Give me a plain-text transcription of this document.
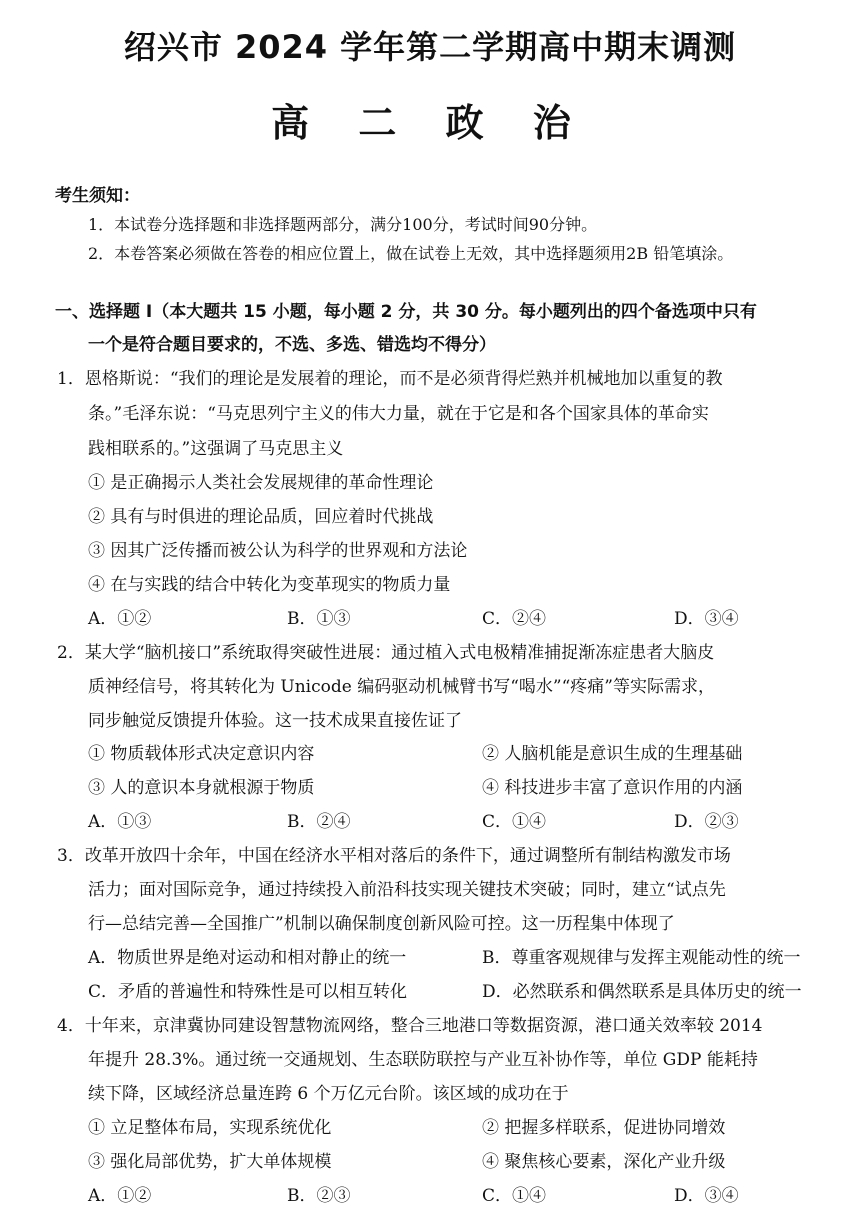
绍兴市 2024 学年第二学期高中期末调测
高 二 政 治
考生须知：
1．本试卷分选择题和非选择题两部分，满分100分，考试时间90分钟。
2．本卷答案必须做在答卷的相应位置上，做在试卷上无效，其中选择题须用2B 铅笔填涂。
一、选择题 I（本大题共 15 小题，每小题 2 分，共 30 分。每小题列出的四个备选项中只有
一个是符合题目要求的，不选、多选、错选均不得分）
1．恩格斯说：“我们的理论是发展着的理论，而不是必须背得烂熟并机械地加以重复的教
条。”毛泽东说：“马克思列宁主义的伟大力量，就在于它是和各个国家具体的革命实
践相联系的。”这强调了马克思主义
① 是正确揭示人类社会发展规律的革命性理论
② 具有与时俱进的理论品质，回应着时代挑战
③ 因其广泛传播而被公认为科学的世界观和方法论
④ 在与实践的结合中转化为变革现实的物质力量
A．①②	B．①③	C．②④	D．③④
2．某大学“脑机接口”系统取得突破性进展：通过植入式电极精准捕捉渐冻症患者大脑皮
质神经信号，将其转化为 Unicode 编码驱动机械臂书写“喝水”“疼痛”等实际需求，
同步触觉反馈提升体验。这一技术成果直接佐证了
① 物质载体形式决定意识内容	② 人脑机能是意识生成的生理基础
③ 人的意识本身就根源于物质	④ 科技进步丰富了意识作用的内涵
A．①③	B．②④	C．①④	D．②③
3．改革开放四十余年，中国在经济水平相对落后的条件下，通过调整所有制结构激发市场
活力；面对国际竞争，通过持续投入前沿科技实现关键技术突破；同时，建立“试点先
行—总结完善—全国推广”机制以确保制度创新风险可控。这一历程集中体现了
A．物质世界是绝对运动和相对静止的统一	B．尊重客观规律与发挥主观能动性的统一
C．矛盾的普遍性和特殊性是可以相互转化	D．必然联系和偶然联系是具体历史的统一
4．十年来，京津冀协同建设智慧物流网络，整合三地港口等数据资源，港口通关效率较 2014
年提升 28.3%。通过统一交通规划、生态联防联控与产业互补协作等，单位 GDP 能耗持
续下降，区域经济总量连跨 6 个万亿元台阶。该区域的成功在于
① 立足整体布局，实现系统优化	② 把握多样联系，促进协同增效
③ 强化局部优势，扩大单体规模	④ 聚焦核心要素，深化产业升级
A．①②	B．②③	C．①④	D．③④
